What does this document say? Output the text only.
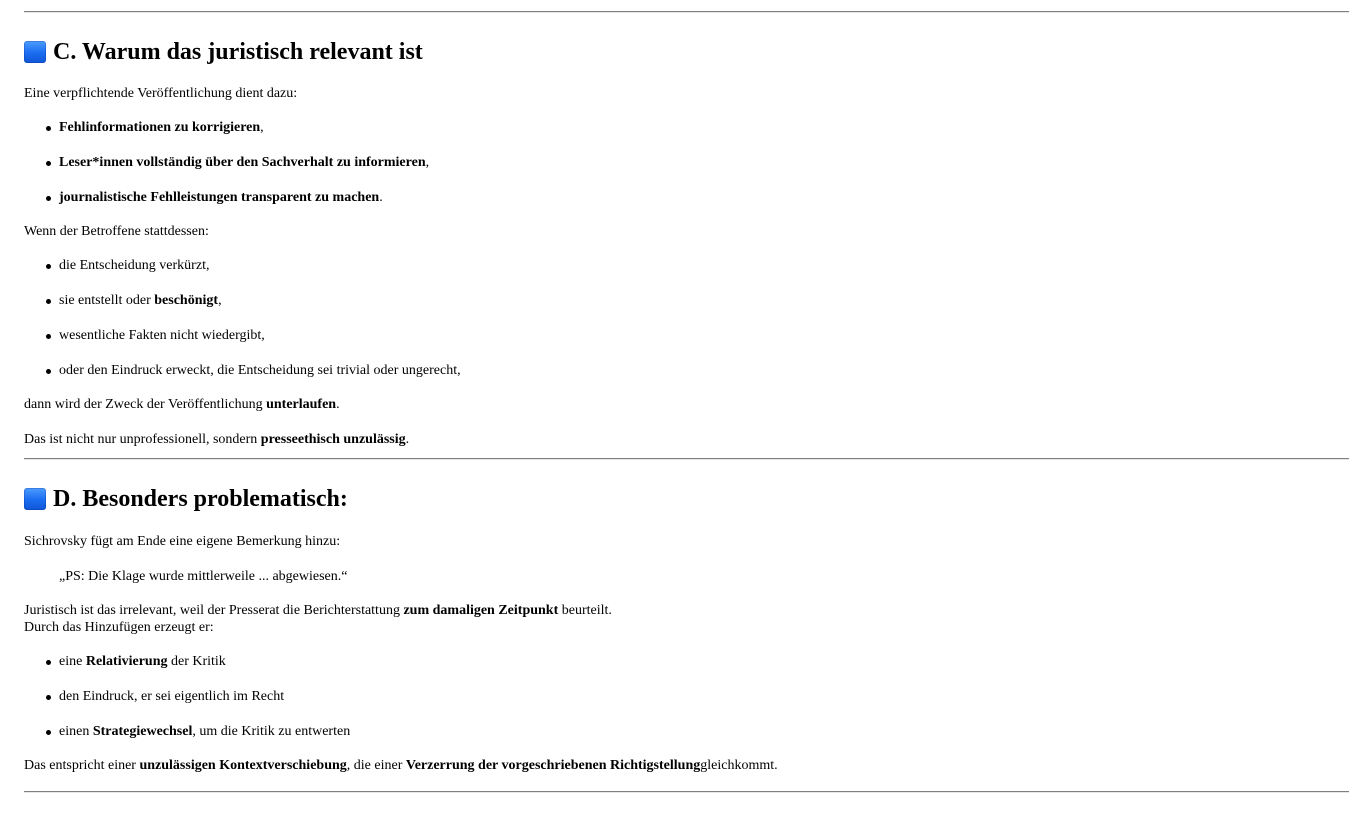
C. Warum das juristisch relevant ist

Eine verpflichtende Veröffentlichung dient dazu:

Fehlinformationen zu korrigieren,
Leser*innen vollständig über den Sachverhalt zu informieren,
journalistische Fehlleistungen transparent zu machen.

Wenn der Betroffene stattdessen:

die Entscheidung verkürzt,
sie entstellt oder beschönigt,
wesentliche Fakten nicht wiedergibt,
oder den Eindruck erweckt, die Entscheidung sei trivial oder ungerecht,

dann wird der Zweck der Veröffentlichung unterlaufen.

Das ist nicht nur unprofessionell, sondern presseethisch unzulässig.

D. Besonders problematisch:

Sichrovsky fügt am Ende eine eigene Bemerkung hinzu:

„PS: Die Klage wurde mittlerweile ... abgewiesen.“

Juristisch ist das irrelevant, weil der Presserat die Berichterstattung zum damaligen Zeitpunkt beurteilt.
Durch das Hinzufügen erzeugt er:

eine Relativierung der Kritik
den Eindruck, er sei eigentlich im Recht
einen Strategiewechsel, um die Kritik zu entwerten

Das entspricht einer unzulässigen Kontextverschiebung, die einer Verzerrung der vorgeschriebenen Richtigstellunggleichkommt.
